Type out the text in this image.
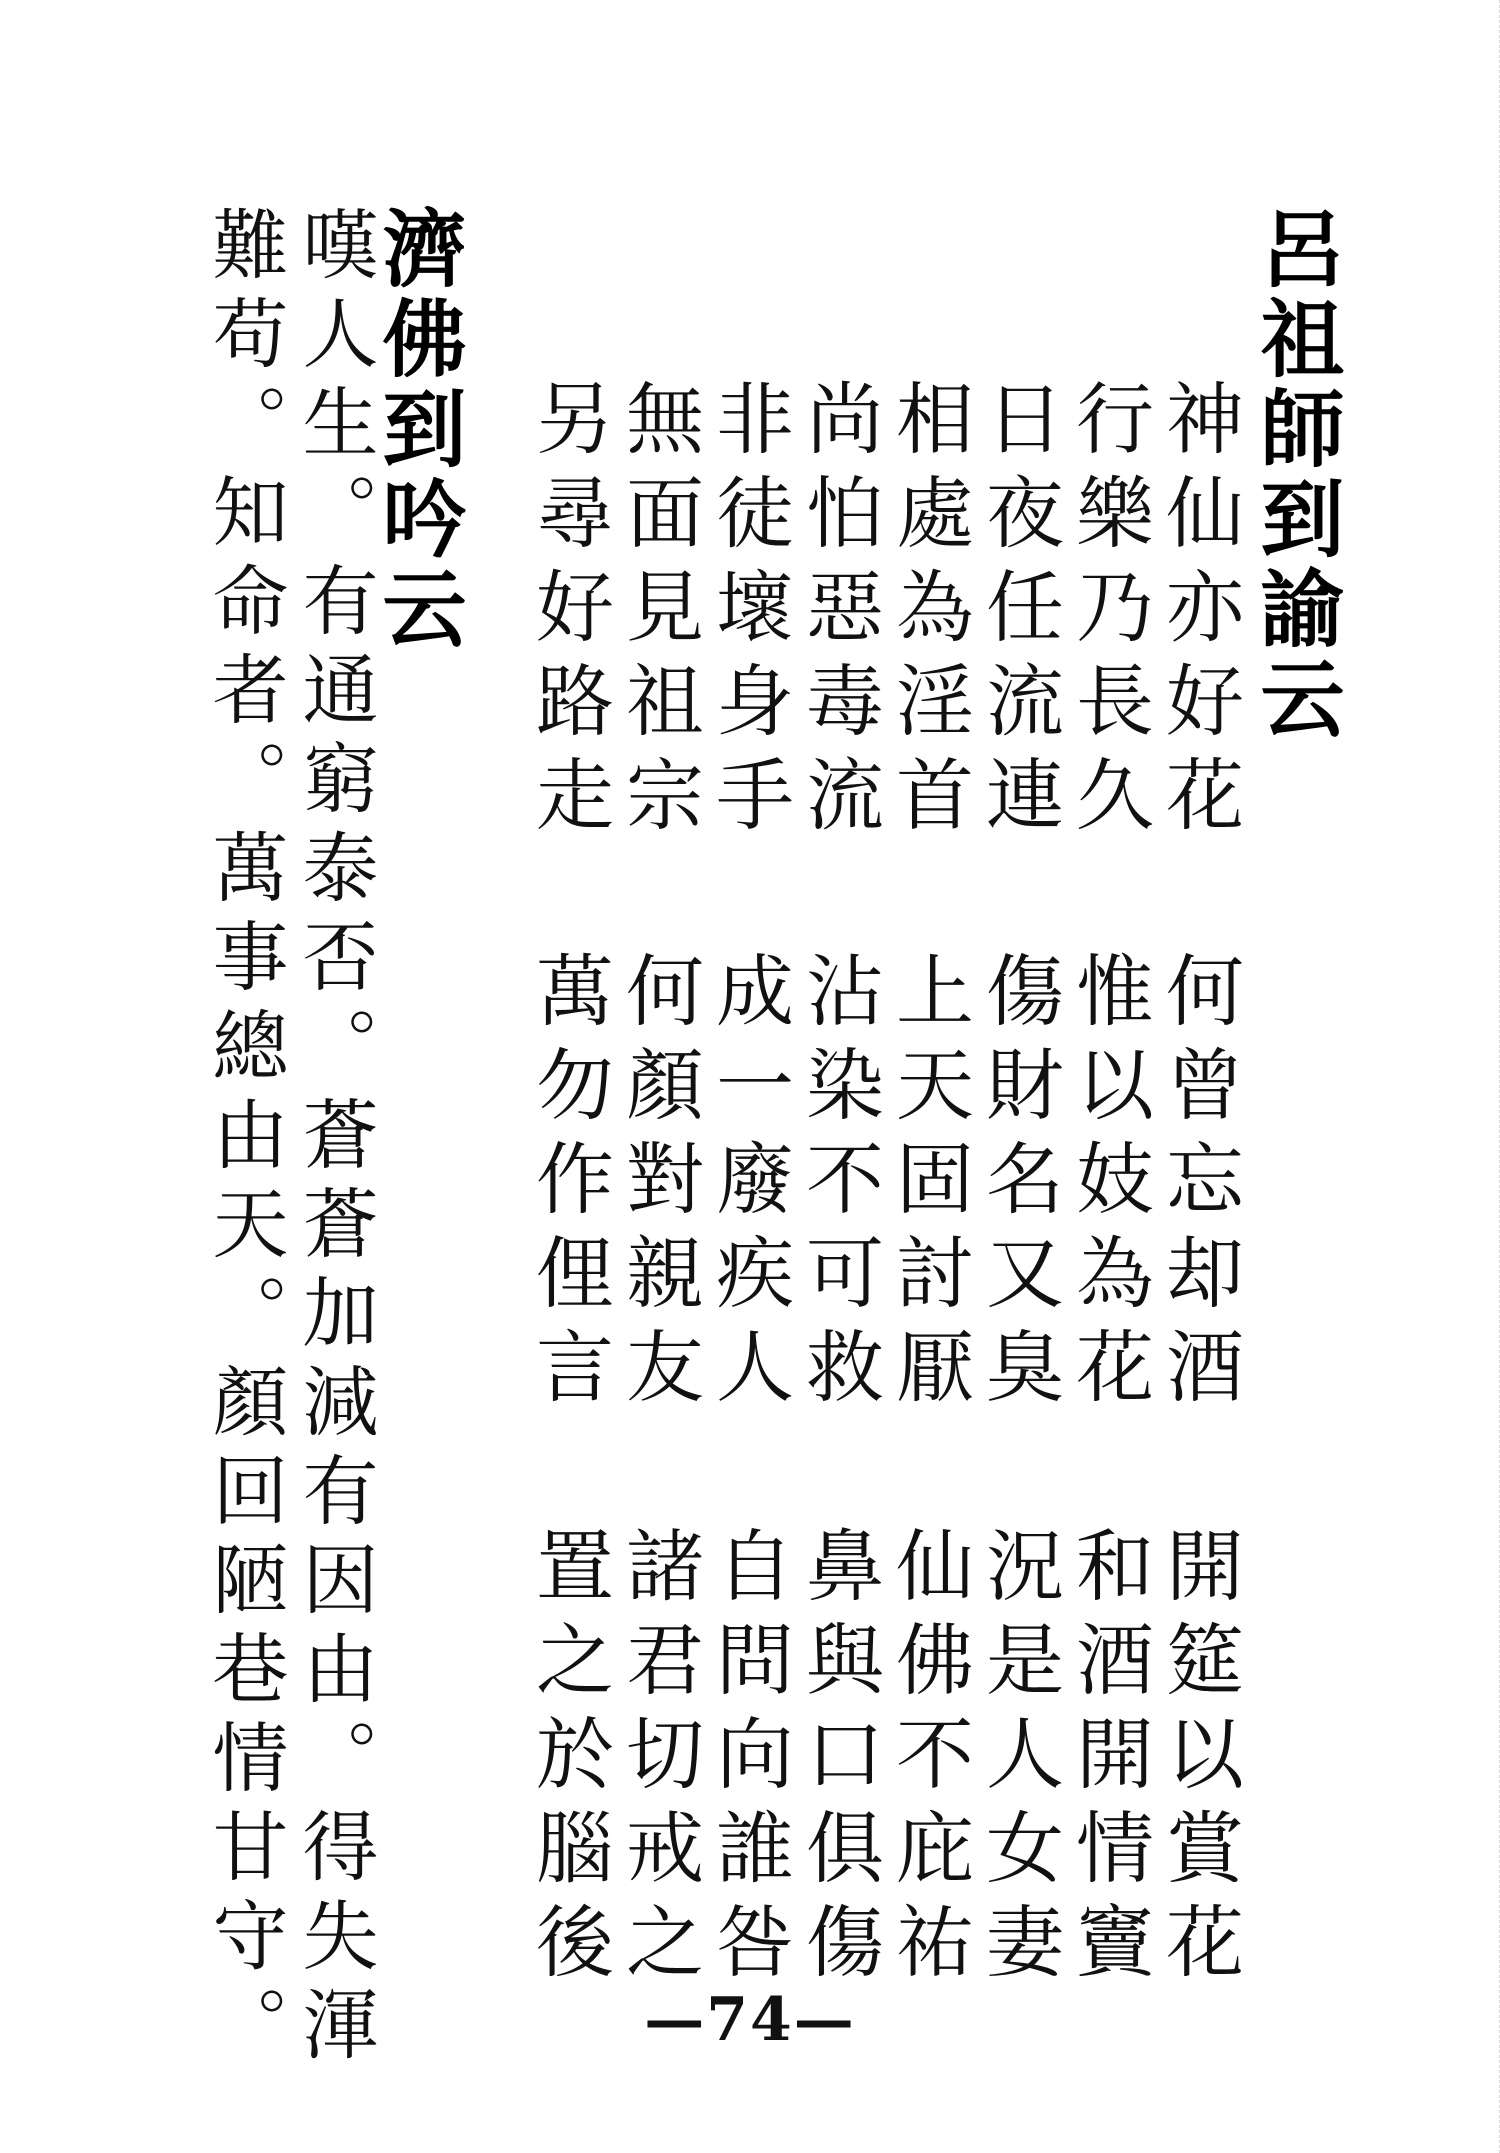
呂祖師到諭云
神仙亦好花
行樂乃長久
日夜任流連
相處為淫首
尚怕惡毒流
非徒壞身手
無面見祖宗
另尋好路走
何曾忘却酒
惟以妓為花
傷財名又臭
上天固討厭
沾染不可救
成一廢疾人
何顏對親友
萬勿作俚言
開筵以賞花
和酒開情竇
況是人女妻
仙佛不庇祐
鼻與口俱傷
自問向誰咎
諸君切戒之
置之於腦後
濟佛到吟云
嘆人生。有通窮泰否。蒼蒼加減有因由。得失渾
難苟。知命者。萬事總由天。顏回陋巷情甘守。	—74—
